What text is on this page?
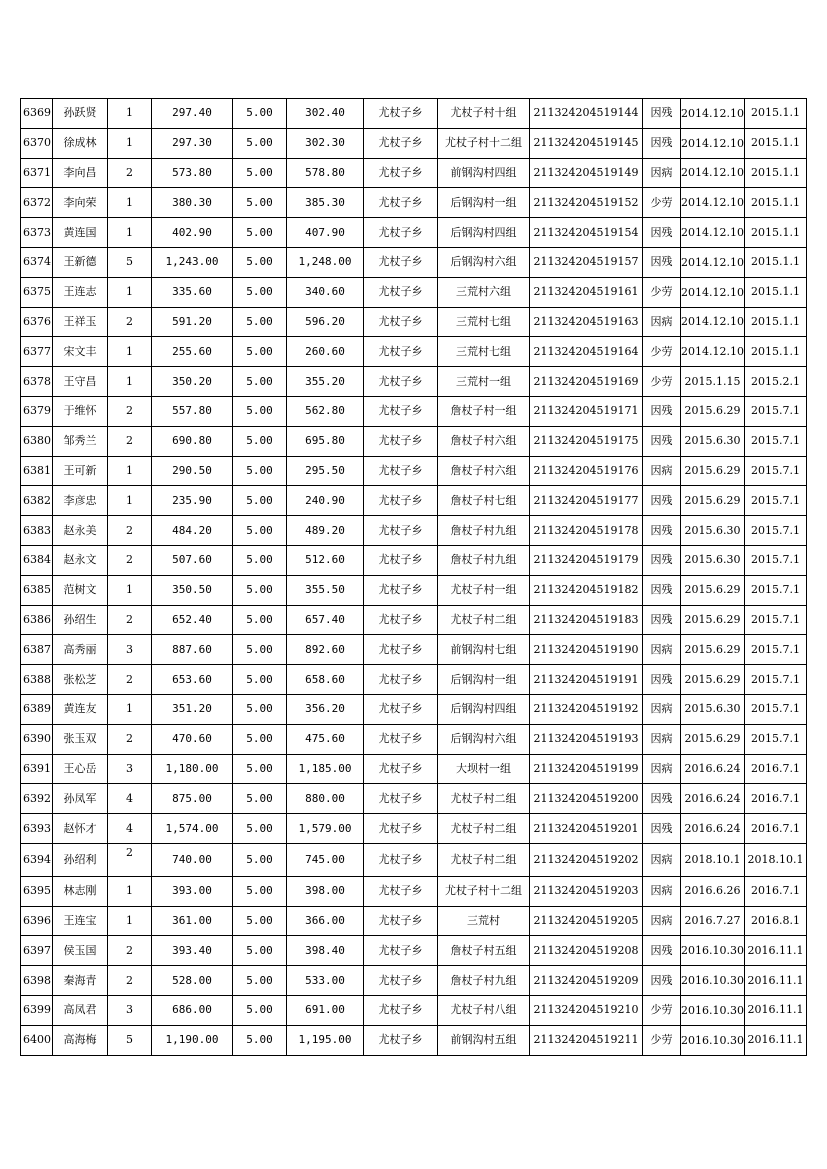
6369	孙跃贤	1	297.40	5.00	302.40	尤杖子乡	尤杖子村十组	211324204519144	因残	2014.12.10	2015.1.1
6370	徐成林	1	297.30	5.00	302.30	尤杖子乡	尤杖子村十二组	211324204519145	因残	2014.12.10	2015.1.1
6371	李向昌	2	573.80	5.00	578.80	尤杖子乡	前钢沟村四组	211324204519149	因病	2014.12.10	2015.1.1
6372	李向荣	1	380.30	5.00	385.30	尤杖子乡	后钢沟村一组	211324204519152	少劳	2014.12.10	2015.1.1
6373	黄连国	1	402.90	5.00	407.90	尤杖子乡	后钢沟村四组	211324204519154	因残	2014.12.10	2015.1.1
6374	王新德	5	1,243.00	5.00	1,248.00	尤杖子乡	后钢沟村六组	211324204519157	因残	2014.12.10	2015.1.1
6375	王连志	1	335.60	5.00	340.60	尤杖子乡	三荒村六组	211324204519161	少劳	2014.12.10	2015.1.1
6376	王祥玉	2	591.20	5.00	596.20	尤杖子乡	三荒村七组	211324204519163	因病	2014.12.10	2015.1.1
6377	宋文丰	1	255.60	5.00	260.60	尤杖子乡	三荒村七组	211324204519164	少劳	2014.12.10	2015.1.1
6378	王守昌	1	350.20	5.00	355.20	尤杖子乡	三荒村一组	211324204519169	少劳	2015.1.15	2015.2.1
6379	于维怀	2	557.80	5.00	562.80	尤杖子乡	詹杖子村一组	211324204519171	因残	2015.6.29	2015.7.1
6380	邹秀兰	2	690.80	5.00	695.80	尤杖子乡	詹杖子村六组	211324204519175	因残	2015.6.30	2015.7.1
6381	王可新	1	290.50	5.00	295.50	尤杖子乡	詹杖子村六组	211324204519176	因病	2015.6.29	2015.7.1
6382	李彦忠	1	235.90	5.00	240.90	尤杖子乡	詹杖子村七组	211324204519177	因残	2015.6.29	2015.7.1
6383	赵永美	2	484.20	5.00	489.20	尤杖子乡	詹杖子村九组	211324204519178	因残	2015.6.30	2015.7.1
6384	赵永文	2	507.60	5.00	512.60	尤杖子乡	詹杖子村九组	211324204519179	因残	2015.6.30	2015.7.1
6385	范树文	1	350.50	5.00	355.50	尤杖子乡	尤杖子村一组	211324204519182	因残	2015.6.29	2015.7.1
6386	孙绍生	2	652.40	5.00	657.40	尤杖子乡	尤杖子村二组	211324204519183	因残	2015.6.29	2015.7.1
6387	高秀丽	3	887.60	5.00	892.60	尤杖子乡	前钢沟村七组	211324204519190	因病	2015.6.29	2015.7.1
6388	张松芝	2	653.60	5.00	658.60	尤杖子乡	后钢沟村一组	211324204519191	因残	2015.6.29	2015.7.1
6389	黄连友	1	351.20	5.00	356.20	尤杖子乡	后钢沟村四组	211324204519192	因病	2015.6.30	2015.7.1
6390	张玉双	2	470.60	5.00	475.60	尤杖子乡	后钢沟村六组	211324204519193	因病	2015.6.29	2015.7.1
6391	王心岳	3	1,180.00	5.00	1,185.00	尤杖子乡	大坝村一组	211324204519199	因病	2016.6.24	2016.7.1
6392	孙凤军	4	875.00	5.00	880.00	尤杖子乡	尤杖子村二组	211324204519200	因残	2016.6.24	2016.7.1
6393	赵怀才	4	1,574.00	5.00	1,579.00	尤杖子乡	尤杖子村二组	211324204519201	因残	2016.6.24	2016.7.1
6394	孙绍利	2	740.00	5.00	745.00	尤杖子乡	尤杖子村二组	211324204519202	因病	2018.10.1	2018.10.1
6395	林志刚	1	393.00	5.00	398.00	尤杖子乡	尤杖子村十二组	211324204519203	因病	2016.6.26	2016.7.1
6396	王连宝	1	361.00	5.00	366.00	尤杖子乡	三荒村	211324204519205	因病	2016.7.27	2016.8.1
6397	侯玉国	2	393.40	5.00	398.40	尤杖子乡	詹杖子村五组	211324204519208	因残	2016.10.30	2016.11.1
6398	秦海青	2	528.00	5.00	533.00	尤杖子乡	詹杖子村九组	211324204519209	因残	2016.10.30	2016.11.1
6399	高凤君	3	686.00	5.00	691.00	尤杖子乡	尤杖子村八组	211324204519210	少劳	2016.10.30	2016.11.1
6400	高海梅	5	1,190.00	5.00	1,195.00	尤杖子乡	前钢沟村五组	211324204519211	少劳	2016.10.30	2016.11.1
